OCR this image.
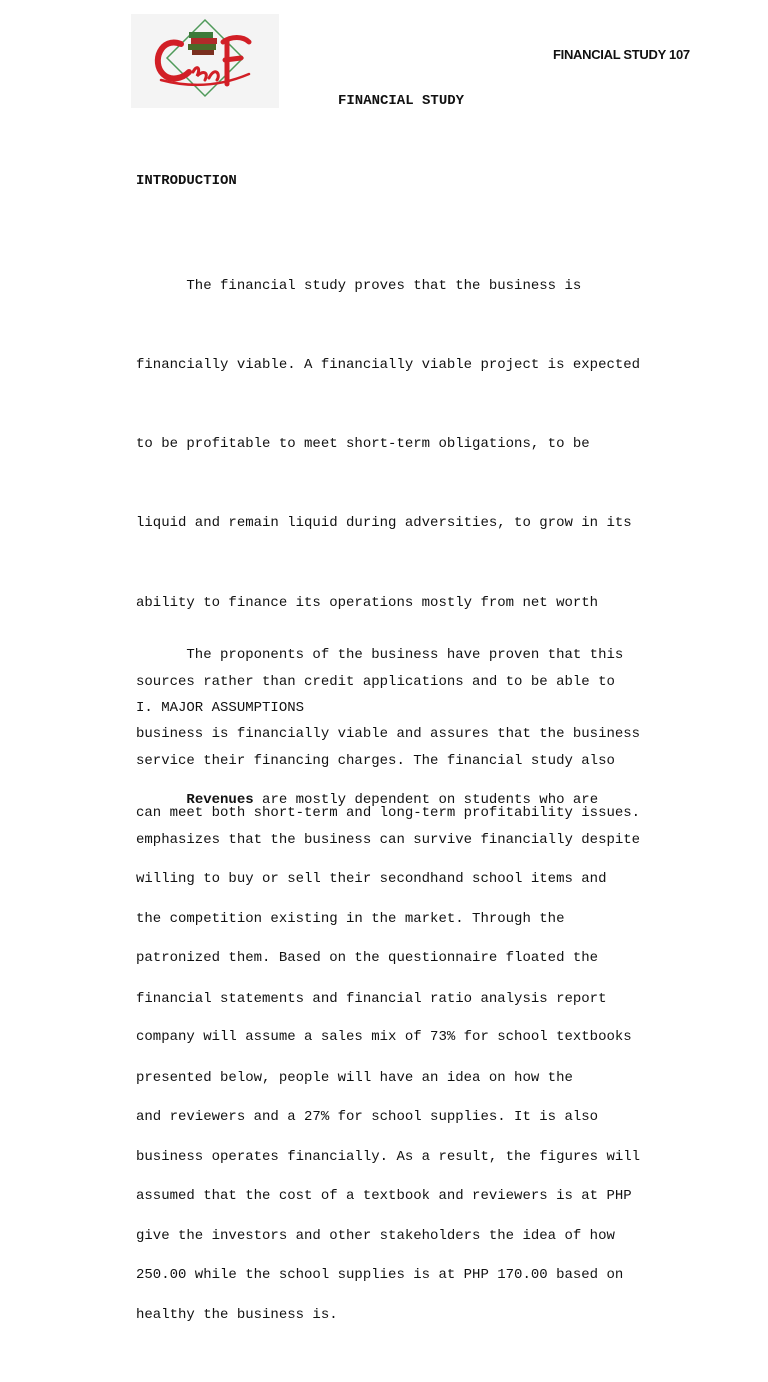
FINANCIAL STUDY 107
FINANCIAL STUDY
INTRODUCTION

The financial study proves that the business is

financially viable. A financially viable project is expected

to be profitable to meet short-term obligations, to be

liquid and remain liquid during adversities, to grow in its

ability to finance its operations mostly from net worth

sources rather than credit applications and to be able to

service their financing charges. The financial study also

emphasizes that the business can survive financially despite

the competition existing in the market. Through the

financial statements and financial ratio analysis report

presented below, people will have an idea on how the

business operates financially. As a result, the figures will

give the investors and other stakeholders the idea of how

healthy the business is.

The proponents of the business have proven that this

business is financially viable and assures that the business

can meet both short-term and long-term profitability issues.

I. MAJOR ASSUMPTIONS

Revenues are mostly dependent on students who are

willing to buy or sell their secondhand school items and

patronized them. Based on the questionnaire floated the

company will assume a sales mix of 73% for school textbooks

and reviewers and a 27% for school supplies. It is also

assumed that the cost of a textbook and reviewers is at PHP

250.00 while the school supplies is at PHP 170.00 based on
